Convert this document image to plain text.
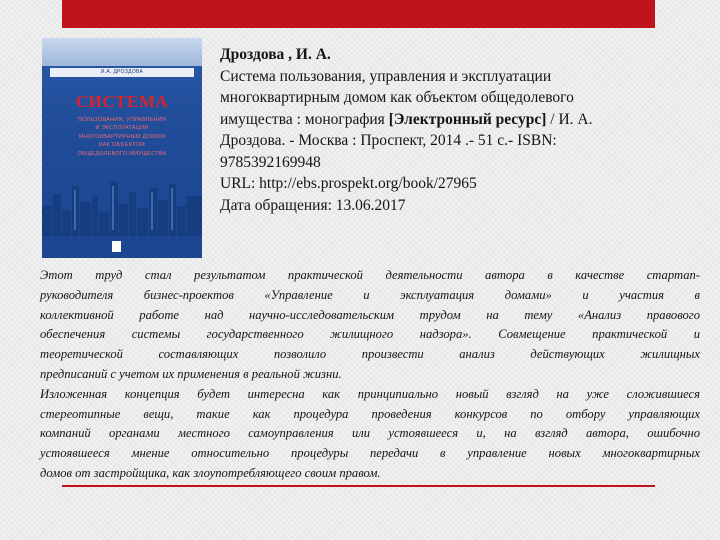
И.А. ДРОЗДОВА
СИСТЕМА
ПОЛЬЗОВАНИЯ, УПРАВЛЕНИЯ
И ЭКСПЛУАТАЦИИ
МНОГОКВАРТИРНЫМ ДОМОМ
КАК ОБЪЕКТОМ
ОБЩЕДОЛЕВОГО ИМУЩЕСТВА
Дроздова , И. А.
Система пользования, управления и эксплуатации
многоквартирным домом как объектом общедолевого
имущества : монография [Электронный ресурс] / И. А.
Дроздова. - Москва : Проспект, 2014 .- 51 с.- ISBN:
9785392169948
URL: http://ebs.prospekt.org/book/27965
Дата обращения: 13.06.2017
Этот труд стал результатом практической деятельности автора в качестве стартап-
руководителя бизнес-проектов «Управление и эксплуатация домами» и участия в
коллективной работе над научно-исследовательским трудом на тему «Анализ правового
обеспечения системы государственного жилищного надзора». Совмещение практической и
теоретической составляющих позволило произвести анализ действующих жилищных
предписаний с учетом их применения в реальной жизни.
Изложенная концепция будет интересна как принципиально новый взгляд на уже сложившиеся
стереотипные вещи, такие как процедура проведения конкурсов по отбору управляющих
компаний органами местного самоуправления или устоявшееся и, на взгляд автора, ошибочно
устоявшееся мнение относительно процедуры передачи в управление новых многоквартирных
домов от застройщика, как злоупотребляющего своим правом.
